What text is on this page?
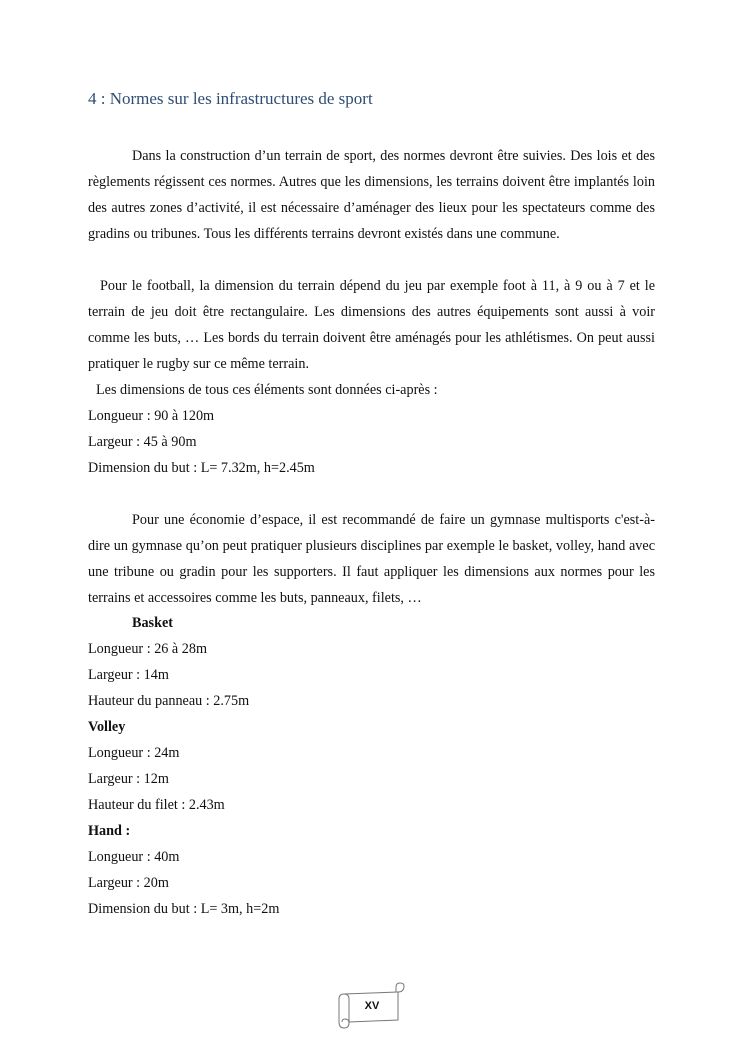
4 : Normes sur les infrastructures de sport

Dans la construction d’un terrain de sport, des normes devront être suivies. Des lois et des règlements régissent ces normes. Autres que les dimensions, les terrains doivent être implantés loin des autres zones d’activité, il est nécessaire d’aménager des lieux pour les spectateurs comme des gradins ou tribunes. Tous les différents terrains devront existés dans une commune.

Pour le football, la dimension du terrain dépend du jeu par exemple foot à 11, à 9 ou à 7 et le terrain de jeu doit être rectangulaire. Les dimensions des autres équipements sont aussi à voir comme les buts, … Les bords du terrain doivent être aménagés pour les athlétismes. On peut aussi pratiquer le rugby sur ce même terrain.

Les dimensions de tous ces éléments sont données ci-après :

Longueur : 90 à 120m

Largeur : 45 à 90m

Dimension du but : L= 7.32m, h=2.45m

Pour une économie d’espace, il est recommandé de faire un gymnase multisports c'est-à-dire un gymnase qu’on peut pratiquer plusieurs disciplines par exemple le basket, volley, hand avec une tribune ou gradin pour les supporters. Il faut appliquer les dimensions aux normes pour les terrains et accessoires comme les buts, panneaux, filets, …

Basket

Longueur : 26 à 28m

Largeur : 14m

Hauteur du panneau : 2.75m

Volley

Longueur : 24m

Largeur : 12m

Hauteur du filet : 2.43m

Hand :

Longueur : 40m

Largeur : 20m

Dimension du but : L= 3m, h=2m

XV
